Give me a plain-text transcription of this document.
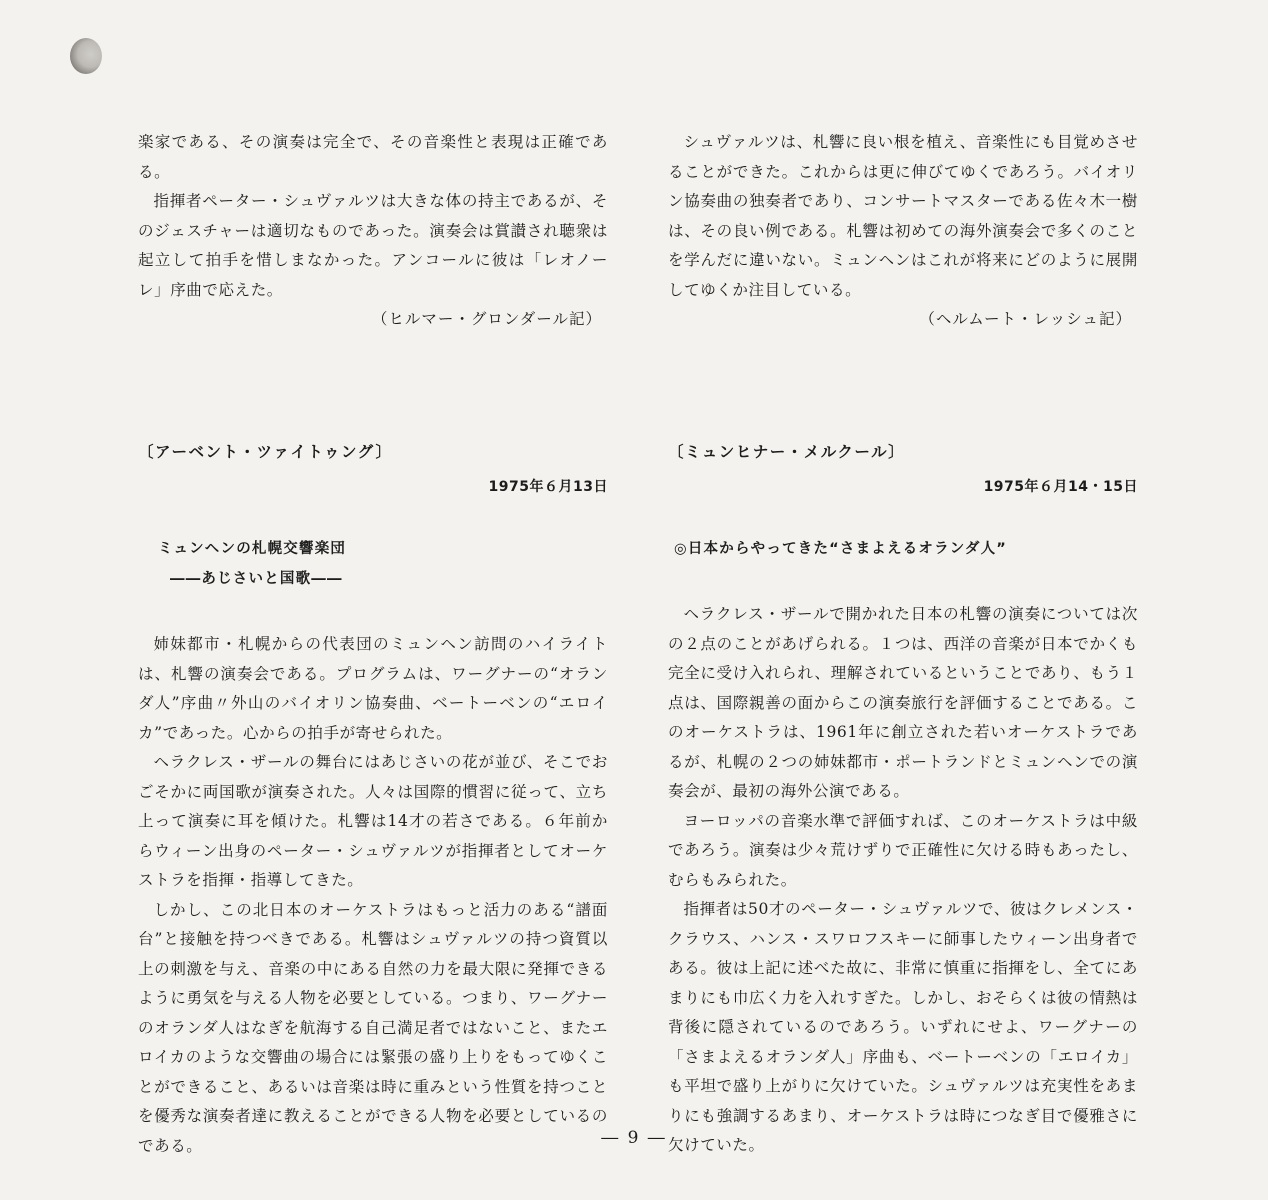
楽家である、その演奏は完全で、その音楽性と表現は正確である。

指揮者ペーター・シュヴァルツは大きな体の持主であるが、そのジェスチャーは適切なものであった。演奏会は賞讃され聴衆は起立して拍手を惜しまなかった。アンコールに彼は「レオノーレ」序曲で応えた。

（ヒルマー・グロンダール記）

〔アーベント・ツァイトゥング〕

1975年６月13日

ミュンヘンの札幌交響楽団

――あじさいと国歌――

姉妹都市・札幌からの代表団のミュンヘン訪問のハイライトは、札響の演奏会である。プログラムは、ワーグナーの“オランダ人”序曲〃外山のバイオリン協奏曲、ベートーベンの“エロイカ”であった。心からの拍手が寄せられた。

ヘラクレス・ザールの舞台にはあじさいの花が並び、そこでおごそかに両国歌が演奏された。人々は国際的慣習に従って、立ち上って演奏に耳を傾けた。札響は14才の若さである。６年前からウィーン出身のペーター・シュヴァルツが指揮者としてオーケストラを指揮・指導してきた。

しかし、この北日本のオーケストラはもっと活力のある“譜面台”と接触を持つべきである。札響はシュヴァルツの持つ資質以上の刺激を与え、音楽の中にある自然の力を最大限に発揮できるように勇気を与える人物を必要としている。つまり、ワーグナーのオランダ人はなぎを航海する自己満足者ではないこと、またエロイカのような交響曲の場合には緊張の盛り上りをもってゆくことができること、あるいは音楽は時に重みという性質を持つことを優秀な演奏者達に教えることができる人物を必要としているのである。

シュヴァルツは、札響に良い根を植え、音楽性にも目覚めさせることができた。これからは更に伸びてゆくであろう。バイオリン協奏曲の独奏者であり、コンサートマスターである佐々木一樹は、その良い例である。札響は初めての海外演奏会で多くのことを学んだに違いない。ミュンヘンはこれが将来にどのように展開してゆくか注目している。

（ヘルムート・レッシュ記）

〔ミュンヒナー・メルクール〕

1975年６月14・15日

◎日本からやってきた“さまよえるオランダ人”

ヘラクレス・ザールで開かれた日本の札響の演奏については次の２点のことがあげられる。１つは、西洋の音楽が日本でかくも完全に受け入れられ、理解されているということであり、もう１点は、国際親善の面からこの演奏旅行を評価することである。このオーケストラは、1961年に創立された若いオーケストラであるが、札幌の２つの姉妹都市・ポートランドとミュンヘンでの演奏会が、最初の海外公演である。

ヨーロッパの音楽水準で評価すれば、このオーケストラは中級であろう。演奏は少々荒けずりで正確性に欠ける時もあったし、むらもみられた。

指揮者は50才のペーター・シュヴァルツで、彼はクレメンス・クラウス、ハンス・スワロフスキーに師事したウィーン出身者である。彼は上記に述べた故に、非常に慎重に指揮をし、全てにあまりにも巾広く力を入れすぎた。しかし、おそらくは彼の情熱は背後に隠されているのであろう。いずれにせよ、ワーグナーの「さまよえるオランダ人」序曲も、ベートーベンの「エロイカ」も平坦で盛り上がりに欠けていた。シュヴァルツは充実性をあまりにも強調するあまり、オーケストラは時につなぎ目で優雅さに欠けていた。

― 9 ―
